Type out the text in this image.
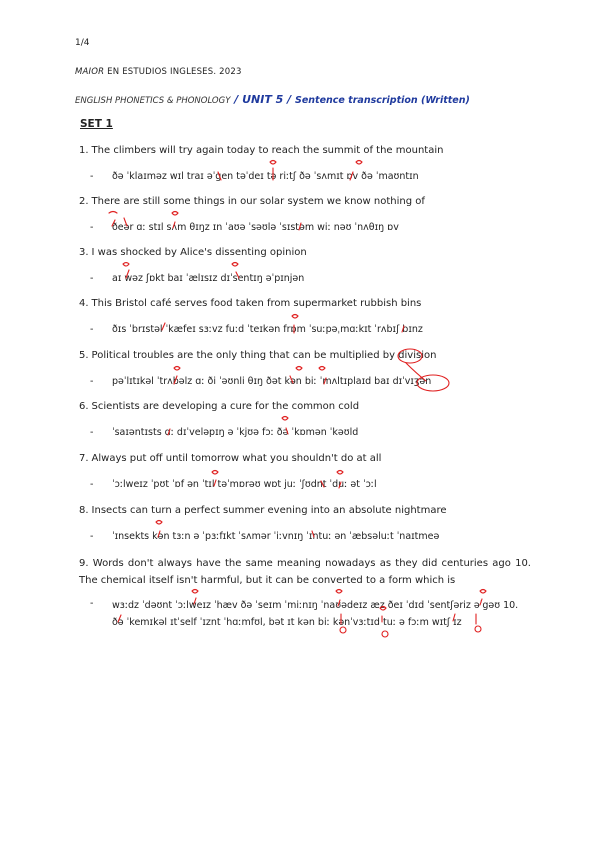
1/4
MAIOR EN ESTUDIOS INGLESES. 2023
ENGLISH PHONETICS & PHONOLOGY / UNIT 5 / Sentence transcription (Written)
SET 1
1. The climbers will try again today to reach the summit of the mountain
- ðə ˈklaɪməz wɪl traɪ əˈgen təˈdeɪ tə riːtʃ ðə ˈsʌmɪt ɒv ðə ˈmaʊntɪn
2. There are still some things in our solar system we know nothing of
- ðeər ɑː stɪl sʌm θɪŋz ɪn ˈaʊə ˈsəʊlə ˈsɪstəm wiː nəʊ ˈnʌθɪŋ ɒv
3. I was shocked by Alice's dissenting opinion
- aɪ wəz ʃɒkt baɪ ˈælɪsɪz dɪˈsentɪŋ əˈpɪnjən
4. This Bristol café serves food taken from supermarket rubbish bins
- ðɪs ˈbrɪstəl ˈkæfeɪ sɜːvz fuːd ˈteɪkən frɒm ˈsuːpəˌmɑːkɪt ˈrʌbɪʃ bɪnz
5. Political troubles are the only thing that can be multiplied by division
- pəˈlɪtɪkəl ˈtrʌbəlz ɑː ði ˈəʊnli θɪŋ ðət kən biː ˈmʌltɪplaɪd baɪ dɪˈvɪʒən
6. Scientists are developing a cure for the common cold
- ˈsaɪəntɪsts ɑː dɪˈveləpɪŋ ə ˈkjʊə fɔː ðə ˈkɒmən ˈkəʊld
7. Always put off until tomorrow what you shouldn't do at all
- ˈɔːlweɪz ˈpʊt ˈɒf ən ˈtɪl təˈmɒrəʊ wɒt juː ˈʃʊdnt ˈduː ət ˈɔːl
8. Insects can turn a perfect summer evening into an absolute nightmare
- ˈɪnsekts kən tɜːn ə ˈpɜːfɪkt ˈsʌmər ˈiːvnɪŋ ˈɪntuː ən ˈæbsəluːt ˈnaɪtmeə
9. Words don't always have the same meaning nowadays as they did centuries ago 10. The chemical itself isn't harmful, but it can be converted to a form which is
- wɜːdz ˈdəʊnt ˈɔːlweɪz ˈhæv ðə ˈseɪm ˈmiːnɪŋ ˈnaʊədeɪz æz ðeɪ ˈdɪd ˈsentʃəriz əˈgəʊ 10. ðə ˈkemɪkəl ɪtˈself ˈɪznt ˈhɑːmfʊl, bət ɪt kən biː kənˈvɜːtɪd tuː ə fɔːm wɪtʃ ɪz
